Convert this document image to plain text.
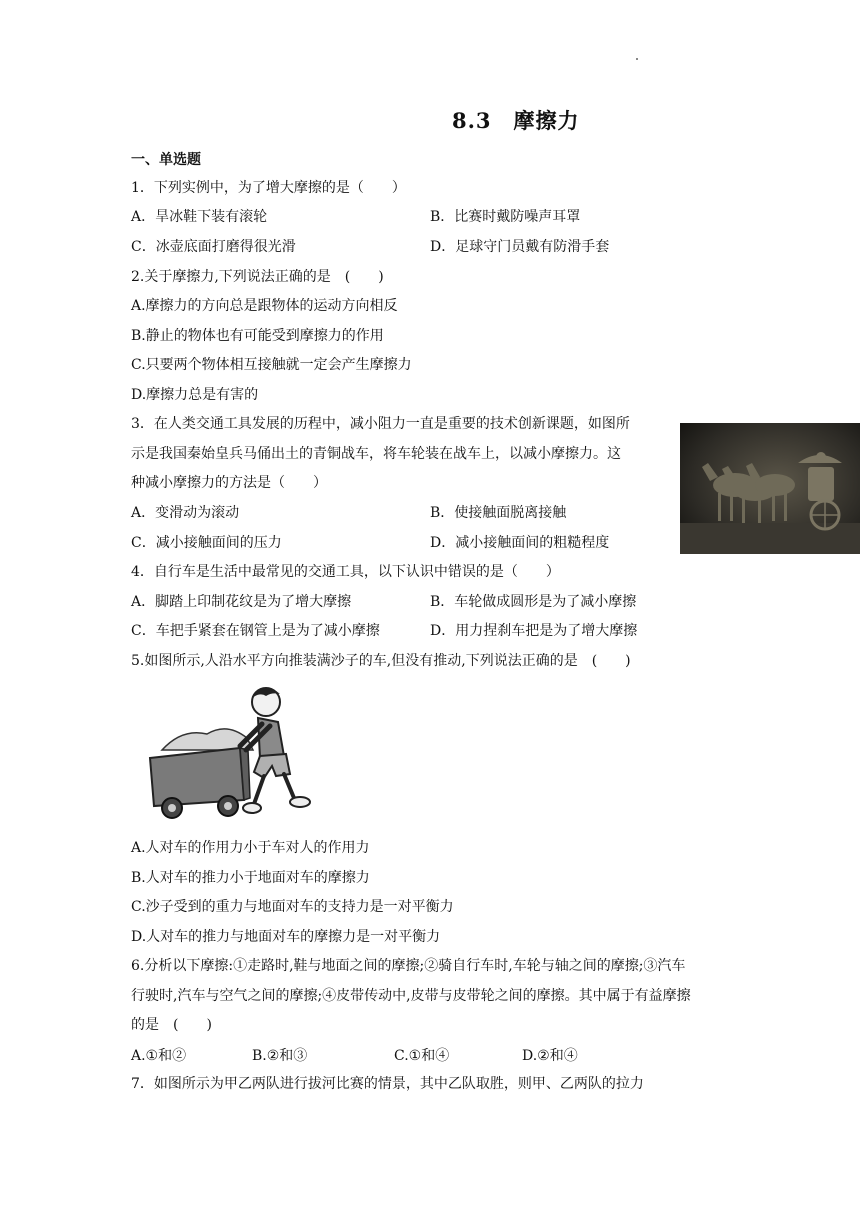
8.3　摩擦力
一、单选题
1．下列实例中，为了增大摩擦的是（　　）
A．旱冰鞋下装有滚轮	B．比赛时戴防噪声耳罩
C．冰壶底面打磨得很光滑	D．足球守门员戴有防滑手套
2.关于摩擦力,下列说法正确的是　(　　)
A.摩擦力的方向总是跟物体的运动方向相反
B.静止的物体也有可能受到摩擦力的作用
C.只要两个物体相互接触就一定会产生摩擦力
D.摩擦力总是有害的
3．在人类交通工具发展的历程中，减小阻力一直是重要的技术创新课题，如图所
示是我国秦始皇兵马俑出土的青铜战车，将车轮装在战车上，以减小摩擦力。这
种减小摩擦力的方法是（　　）
A．变滑动为滚动	B．使接触面脱离接触
C．减小接触面间的压力	D．减小接触面间的粗糙程度
4．自行车是生活中最常见的交通工具，以下认识中错误的是（　　）
A．脚踏上印制花纹是为了增大摩擦	B．车轮做成圆形是为了减小摩擦
C．车把手紧套在钢管上是为了减小摩擦	D．用力捏刹车把是为了增大摩擦
5.如图所示,人沿水平方向推装满沙子的车,但没有推动,下列说法正确的是　(　　)
A.人对车的作用力小于车对人的作用力
B.人对车的推力小于地面对车的摩擦力
C.沙子受到的重力与地面对车的支持力是一对平衡力
D.人对车的推力与地面对车的摩擦力是一对平衡力
6.分析以下摩擦:①走路时,鞋与地面之间的摩擦;②骑自行车时,车轮与轴之间的摩擦;③汽车
行驶时,汽车与空气之间的摩擦;④皮带传动中,皮带与皮带轮之间的摩擦。其中属于有益摩擦
的是　(　　)
A.①和②	B.②和③	C.①和④	D.②和④
7．如图所示为甲乙两队进行拔河比赛的情景，其中乙队取胜，则甲、乙两队的拉力
